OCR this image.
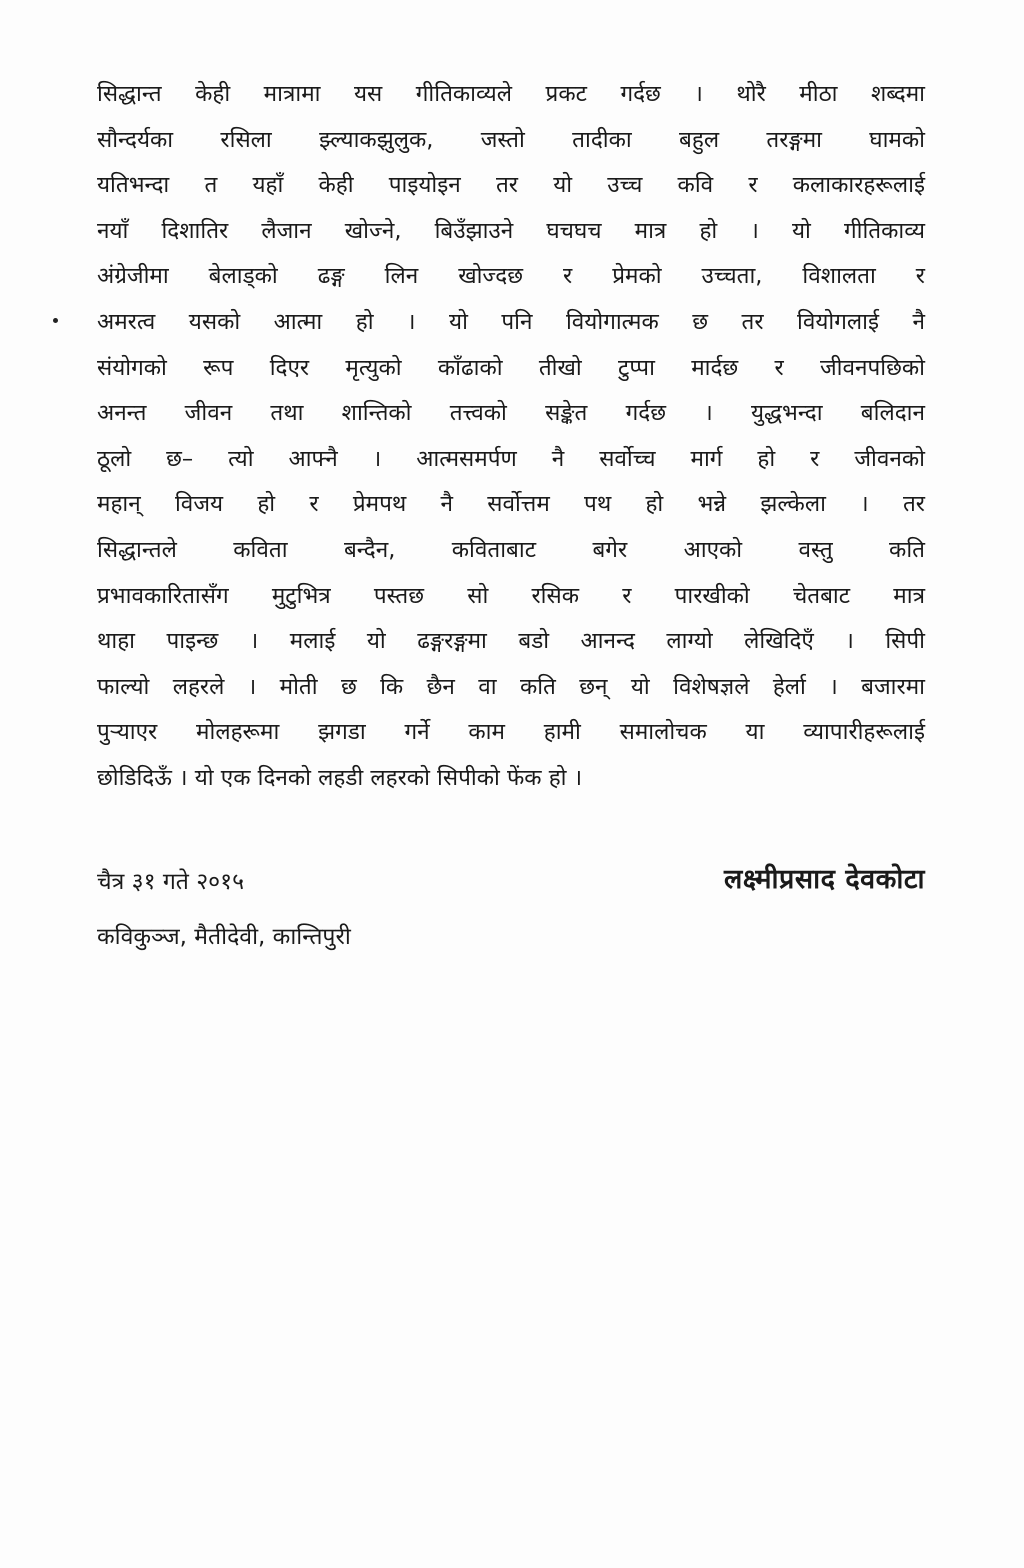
सिद्धान्त केही मात्रामा यस गीतिकाव्यले प्रकट गर्दछ । थोरै मीठा शब्दमा
सौन्दर्यका रसिला झ्ल्याकझुलुक, जस्तो तादीका बहुल तरङ्गमा घामको
यतिभन्दा त यहाँ केही पाइयोइन तर यो उच्च कवि र कलाकारहरूलाई
नयाँ दिशातिर लैजान खोज्ने, बिउँझाउने घचघच मात्र हो । यो गीतिकाव्य
अंग्रेजीमा बेलाड्को ढङ्ग लिन खोज्दछ र प्रेमको उच्चता, विशालता र
अमरत्व यसको आत्मा हो । यो पनि वियोगात्मक छ तर वियोगलाई नै
संयोगको रूप दिएर मृत्युको काँढाको तीखो टुप्पा मार्दछ र जीवनपछिको
अनन्त जीवन तथा शान्तिको तत्त्वको सङ्केत गर्दछ । युद्धभन्दा बलिदान
ठूलो छ– त्यो आफ्नै । आत्मसमर्पण नै सर्वोच्च मार्ग हो र जीवनको
महान् विजय हो र प्रेमपथ नै सर्वोत्तम पथ हो भन्ने झल्केला । तर
सिद्धान्तले कविता बन्दैन, कविताबाट बगेर आएको वस्तु कति
प्रभावकारितासँग मुटुभित्र पस्तछ सो रसिक र पारखीको चेतबाट मात्र
थाहा पाइन्छ । मलाई यो ढङ्गरङ्गमा बडो आनन्द लाग्यो लेखिदिएँ । सिपी
फाल्यो लहरले । मोती छ कि छैन वा कति छन् यो विशेषज्ञले हेर्ला । बजारमा
पुऱ्याएर मोलहरूमा झगडा गर्ने काम हामी समालोचक या व्यापारीहरूलाई
छोडिदिऊँ । यो एक दिनको लहडी लहरको सिपीको फेंक हो ।
चैत्र ३१ गते २०१५	लक्ष्मीप्रसाद देवकोटा
कविकुञ्ज, मैतीदेवी, कान्तिपुरी
